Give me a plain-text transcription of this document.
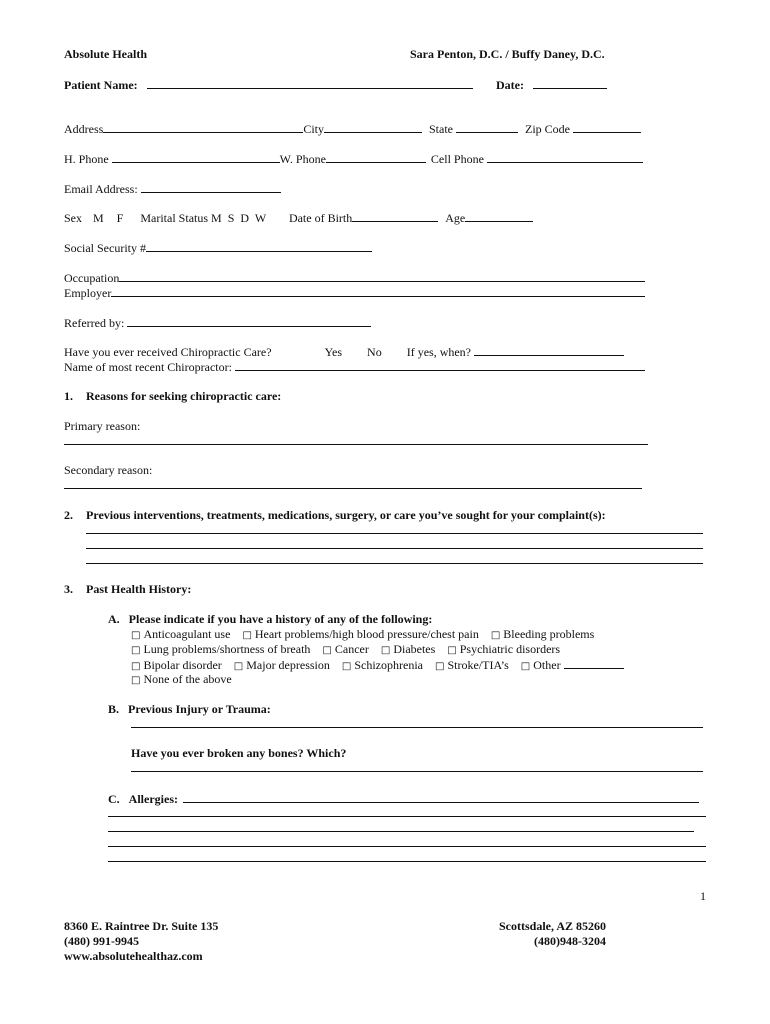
Absolute Health	Sara Penton, D.C. / Buffy Daney, D.C.
Patient Name:	Date:
Address	City	State	Zip Code
H. Phone	W. Phone	Cell Phone
Email Address:
Sex M F Marital Status M  S  D  W Date of Birth	Age
Social Security #
Occupation
Employer
Referred by:
Have you ever received Chiropractic Care?	Yes No If yes, when?
Name of most recent Chiropractor:
1. Reasons for seeking chiropractic care:
Primary reason:
Secondary reason:
2. Previous interventions, treatments, medications, surgery, or care you’ve sought for your complaint(s):
3. Past Health History:
A. Please indicate if you have a history of any of the following:
□ Anticoagulant use □ Heart problems/high blood pressure/chest pain □ Bleeding problems
□ Lung problems/shortness of breath □ Cancer □ Diabetes □ Psychiatric disorders
□ Bipolar disorder □ Major depression □ Schizophrenia □ Stroke/TIA’s □ Other
□ None of the above
B. Previous Injury or Trauma:
Have you ever broken any bones? Which?
C. Allergies:
1
8360 E. Raintree Dr. Suite 135
(480) 991-9945
www.absolutehealthaz.com
Scottsdale, AZ 85260
(480)948-3204
